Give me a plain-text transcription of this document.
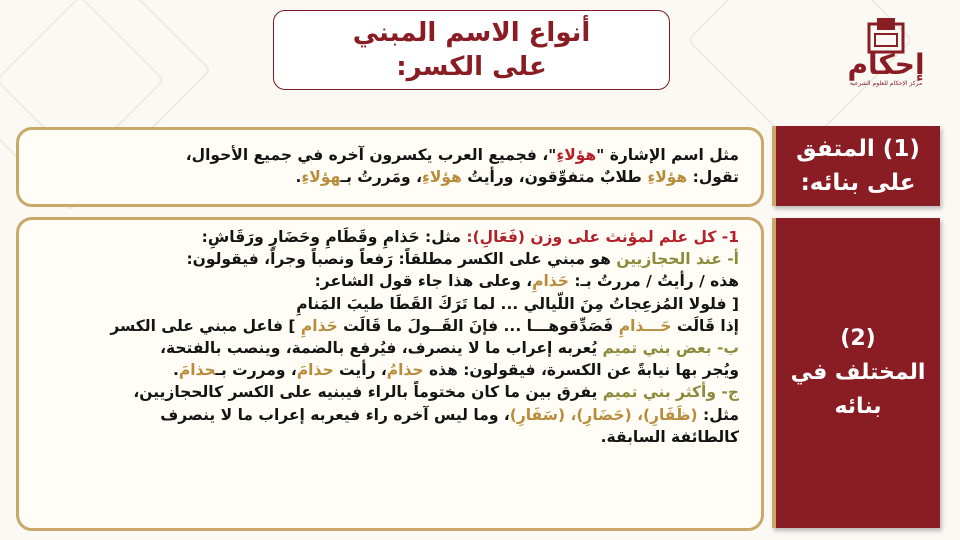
أنواع الاسم المبني
على الكسر:	إحكام
مركز الإحكام للعلوم الشرعية
(1) المتفق
على بنائه:
مثل اسم الإشارة "هؤلاءِ"، فجميع العرب يكسرون آخره في جميع الأحوال،
تقول: هؤلاءِ طلابٌ متفوِّقون، ورأيتُ هؤلاءِ، ومَررتُ بـهؤلاءِ.
(2)
المختلف في
بنائه
1- كل علم لمؤنث على وزن (فَعَالِ): مثل: حَذامِ وقَطَامِ وحَضَارِ ورَقَاشِ:
أ- عند الحجازيين هو مبني على الكسر مطلقاً: رَفعاً ونصباً وجراً، فيقولون:
هذه / رأيتُ / مررتُ بـ: حَذامِ، وعلى هذا جاء قول الشاعر:
[ فلولا المُزعِجاتُ مِنَ اللّيالي ... لما تَرَكَ القَطَا طيبَ المَنامِ
إذا قَالَت حَـــذامِ فَصَدِّقوهـــا ... فإنَ القَــولَ ما قَالَت حَذامِ ] فاعل مبني على الكسر
ب- بعض بني تميم يُعربه إعراب ما لا ينصرف، فيُرفع بالضمة، وينصب بالفتحة،
ويُجر بها نيابةً عن الكسرة، فيقولون: هذه حذامُ، رأيت حذامَ، ومررت بـحذامَ.
ج- وأكثر بني تميم يفرق بين ما كان مختوماً بالراء فيبنيه على الكسر كالحجازيين،
مثل: (ظَفَارِ)، (حَضَارِ)، (سَفَارِ)، وما ليس آخره راء فيعربه إعراب ما لا ينصرف
كالطائفة السابقة.
